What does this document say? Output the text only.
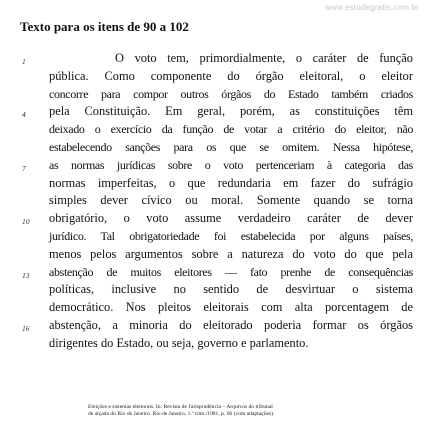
www.estudegratis.com.br
Texto para os itens de 90 a 102
1	O voto tem, primordialmente, o caráter de função
pública. Como componente do órgão eleitoral, o eleitor
concorre para compor outros órgãos do Estado também criados
4	pela Constituição. Em geral, porém, as constituições têm
deixado o exercício da função de votar a critério do eleitor, não
estabelecendo sanções para os que se omitem. Nessa hipótese,
7	as normas jurídicas sobre o voto pertenceriam à categoria das
normas imperfeitas, o que redundaria em fazer do sufrágio
simples dever cívico ou moral. Somente quando se torna
10	obrigatório, o voto assume verdadeiro caráter de dever
jurídico. Tal obrigatoriedade foi estabelecida por alguns países,
menos pelos argumentos sobre a natureza do voto do que pela
13	abstenção de muitos eleitores — fato prenhe de consequências
políticas, inclusive no sentido de desvirtuar o sistema
democrático. Nos pleitos eleitorais com alta porcentagem de
16	abstenção, a minoria do eleitorado poderia formar os órgãos
dirigentes do Estado, ou seja, governo e parlamento.
Eleições e sistemas eleitorais. In: Revista de Jurisprudência – Arquivos do tribunal
de alçada do Rio de Janeiro. Rio de Janeiro, 1.º trim./1981, p. 66 (com adaptações).
